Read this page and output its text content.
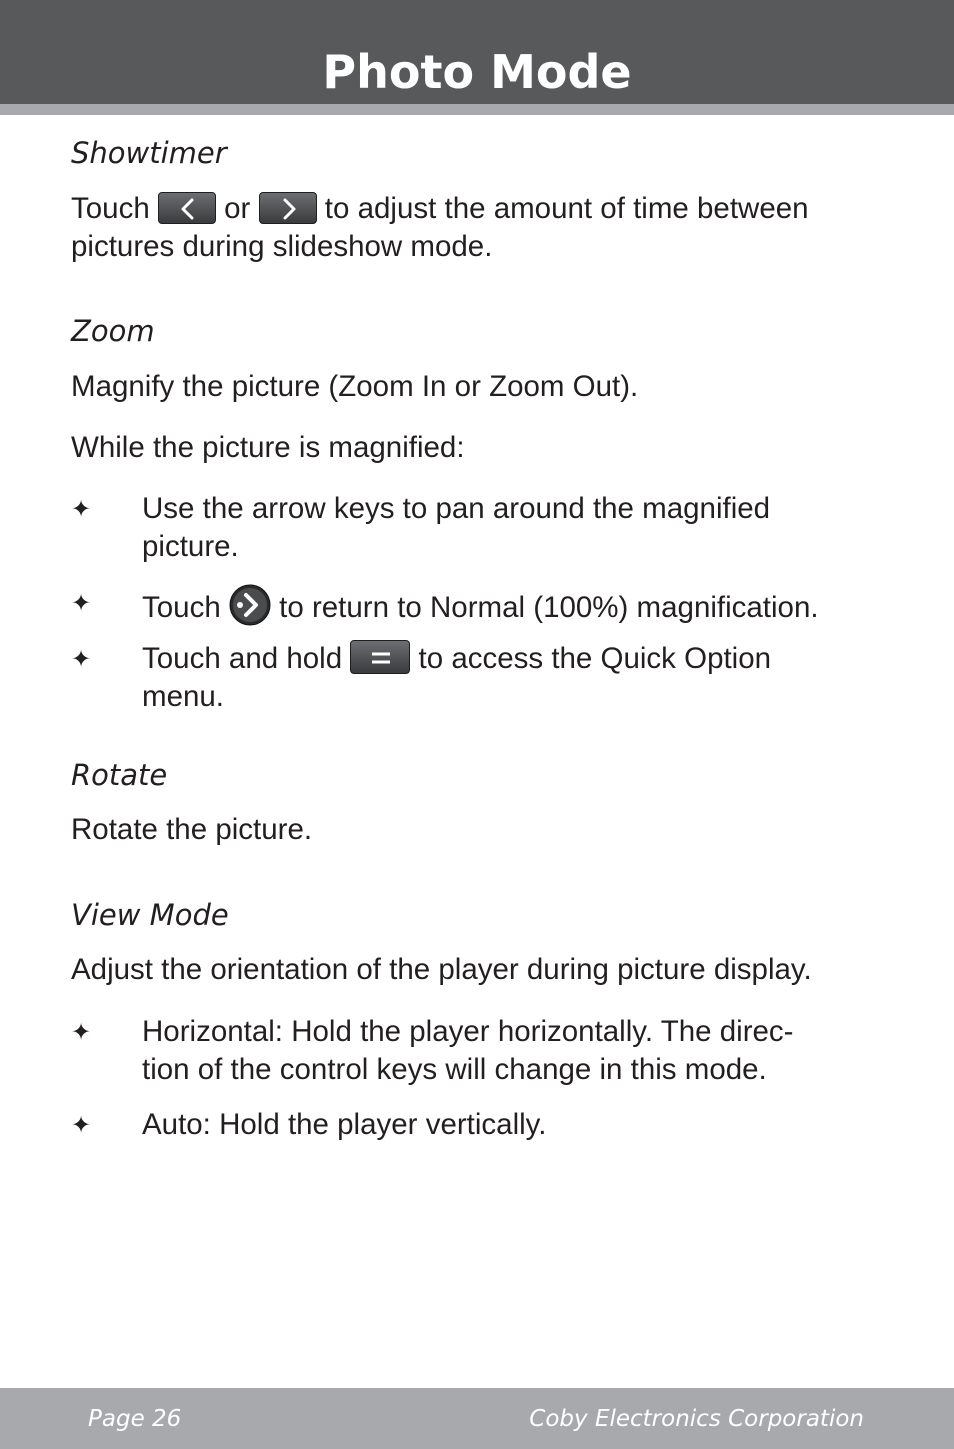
Photo Mode
Showtimer
Touch	or	to adjust the amount of time between
pictures during slideshow mode.
Zoom

Magnify the picture (Zoom In or Zoom Out).

While the picture is magnified:

✦ Use the arrow keys to pan around the magnified
picture.
✦ Touch to return to Normal (100%) magnification.
✦ Touch and hold	to access the Quick Option
menu.
Rotate

Rotate the picture.

View Mode

Adjust the orientation of the player during picture display.

✦ Horizontal: Hold the player horizontally. The direc-
tion of the control keys will change in this mode.
✦ Auto: Hold the player vertically.

Page 26	Coby Electronics Corporation
